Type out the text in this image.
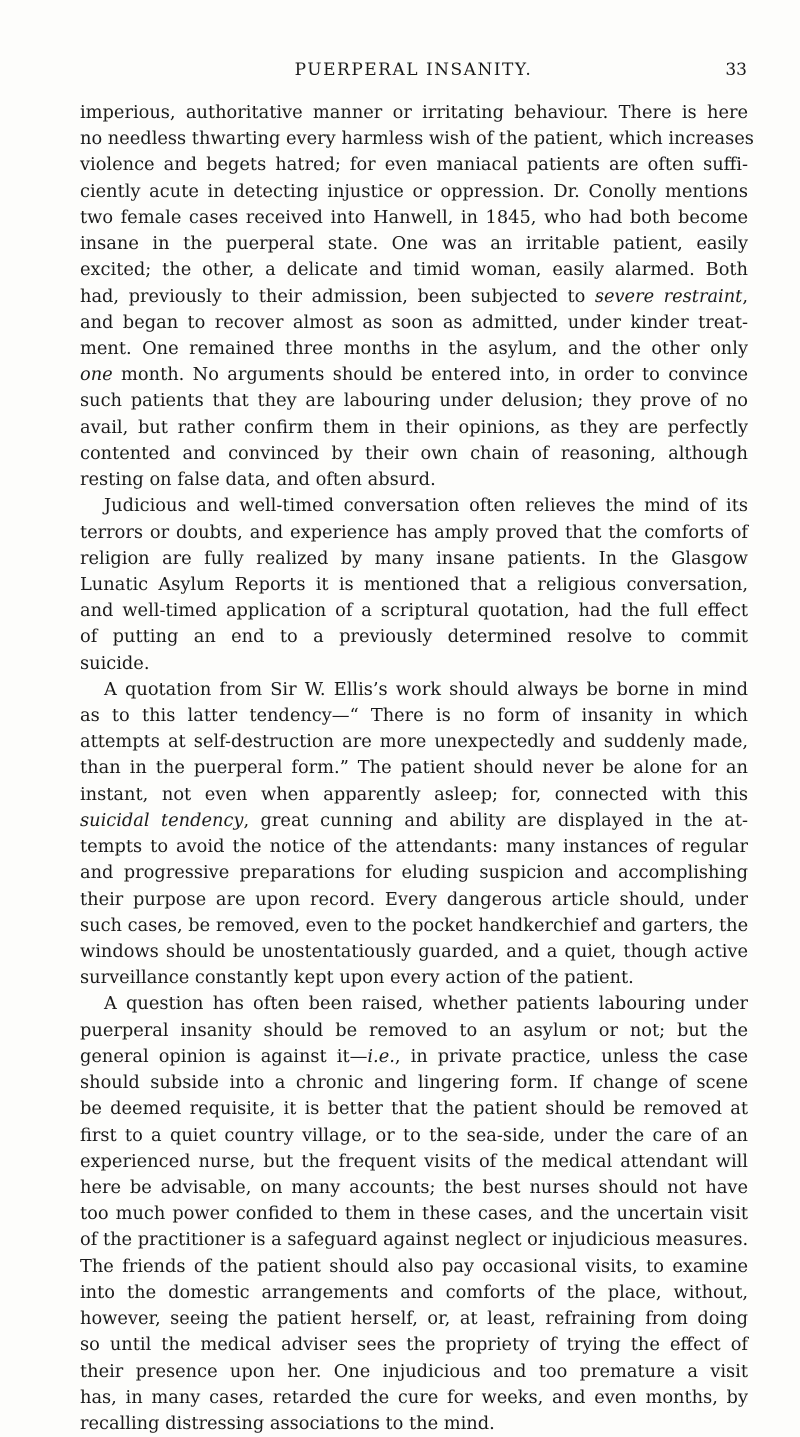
PUERPERAL INSANITY.	33
imperious, authoritative manner or irritating behaviour. There is here
no needless thwarting every harmless wish of the patient, which increases
violence and begets hatred; for even maniacal patients are often suffi-
ciently acute in detecting injustice or oppression. Dr. Conolly mentions
two female cases received into Hanwell, in 1845, who had both become
insane in the puerperal state. One was an irritable patient, easily
excited; the other, a delicate and timid woman, easily alarmed. Both
had, previously to their admission, been subjected to severe restraint,
and began to recover almost as soon as admitted, under kinder treat-
ment. One remained three months in the asylum, and the other only
one month. No arguments should be entered into, in order to convince
such patients that they are labouring under delusion; they prove of no
avail, but rather confirm them in their opinions, as they are perfectly
contented and convinced by their own chain of reasoning, although
resting on false data, and often absurd.
Judicious and well-timed conversation often relieves the mind of its
terrors or doubts, and experience has amply proved that the comforts of
religion are fully realized by many insane patients. In the Glasgow
Lunatic Asylum Reports it is mentioned that a religious conversation,
and well-timed application of a scriptural quotation, had the full effect
of putting an end to a previously determined resolve to commit
suicide.
A quotation from Sir W. Ellis’s work should always be borne in mind
as to this latter tendency—“ There is no form of insanity in which
attempts at self-destruction are more unexpectedly and suddenly made,
than in the puerperal form.” The patient should never be alone for an
instant, not even when apparently asleep; for, connected with this
suicidal tendency, great cunning and ability are displayed in the at-
tempts to avoid the notice of the attendants: many instances of regular
and progressive preparations for eluding suspicion and accomplishing
their purpose are upon record. Every dangerous article should, under
such cases, be removed, even to the pocket handkerchief and garters, the
windows should be unostentatiously guarded, and a quiet, though active
surveillance constantly kept upon every action of the patient.
A question has often been raised, whether patients labouring under
puerperal insanity should be removed to an asylum or not; but the
general opinion is against it—i.e., in private practice, unless the case
should subside into a chronic and lingering form. If change of scene
be deemed requisite, it is better that the patient should be removed at
first to a quiet country village, or to the sea-side, under the care of an
experienced nurse, but the frequent visits of the medical attendant will
here be advisable, on many accounts; the best nurses should not have
too much power confided to them in these cases, and the uncertain visit
of the practitioner is a safeguard against neglect or injudicious measures.
The friends of the patient should also pay occasional visits, to examine
into the domestic arrangements and comforts of the place, without,
however, seeing the patient herself, or, at least, refraining from doing
so until the medical adviser sees the propriety of trying the effect of
their presence upon her. One injudicious and too premature a visit
has, in many cases, retarded the cure for weeks, and even months, by
recalling distressing associations to the mind.
